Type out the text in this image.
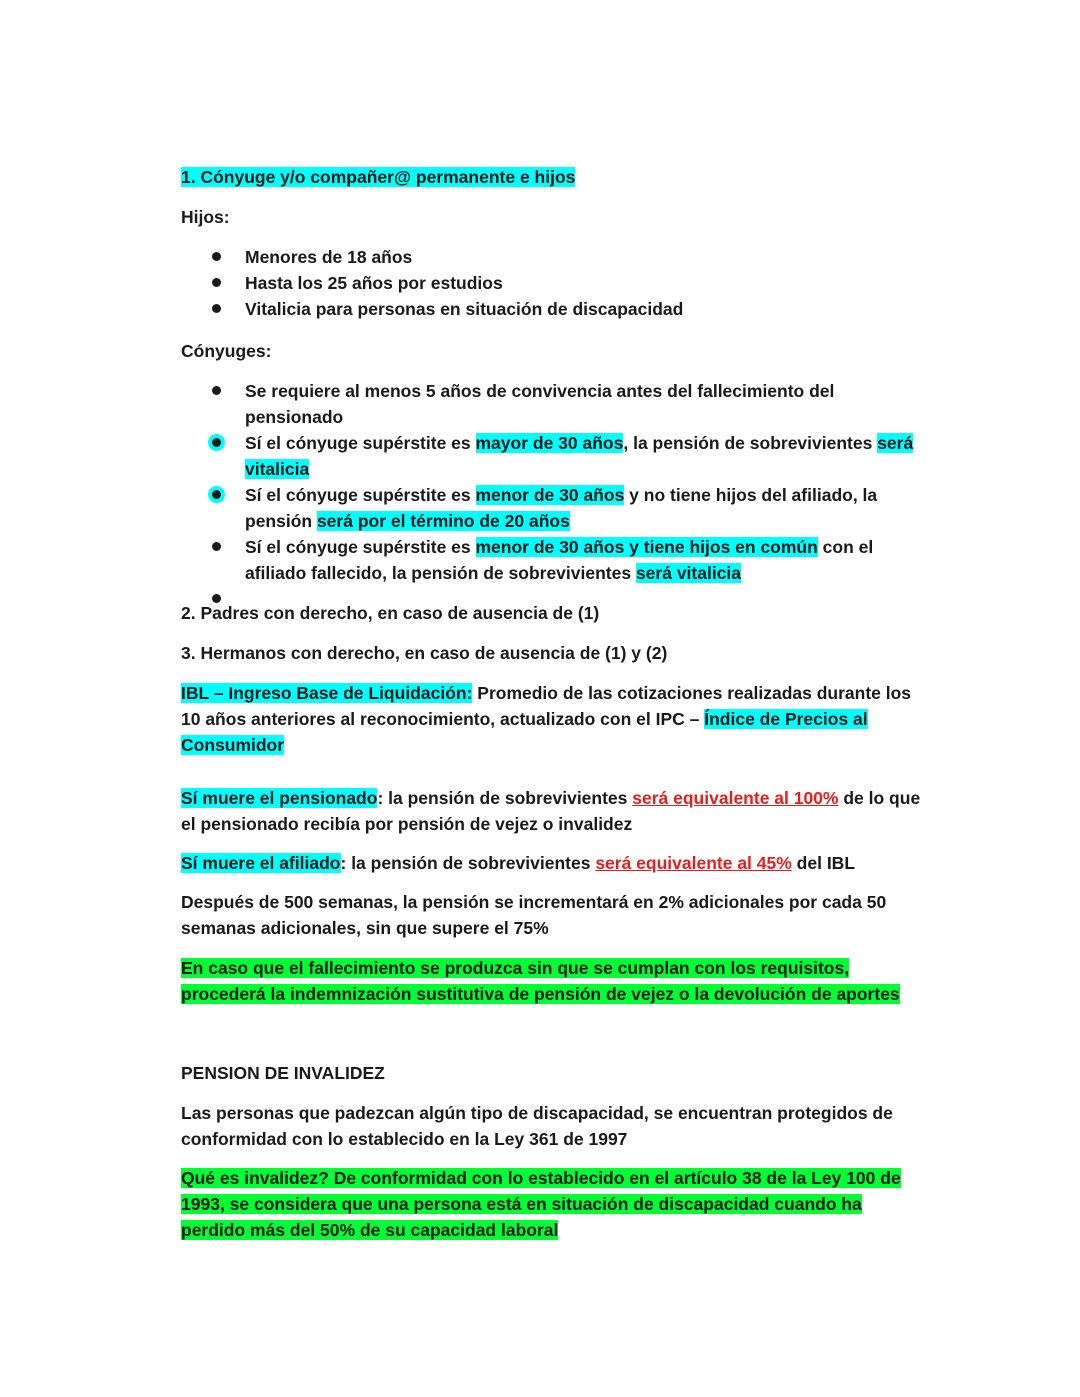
1. Cónyuge y/o compañer@ permanente e hijos

Hijos:

Menores de 18 años
Hasta los 25 años por estudios
Vitalicia para personas en situación de discapacidad

Cónyuges:

Se requiere al menos 5 años de convivencia antes del fallecimiento del pensionado
Sí el cónyuge supérstite es mayor de 30 años, la pensión de sobrevivientes será vitalicia
Sí el cónyuge supérstite es menor de 30 años y no tiene hijos del afiliado, la pensión será por el término de 20 años
Sí el cónyuge supérstite es menor de 30 años y tiene hijos en común con el afiliado fallecido, la pensión de sobrevivientes será vitalicia

2. Padres con derecho, en caso de ausencia de (1)

3. Hermanos con derecho, en caso de ausencia de (1) y (2)

IBL – Ingreso Base de Liquidación: Promedio de las cotizaciones realizadas durante los 10 años anteriores al reconocimiento, actualizado con el IPC – Índice de Precios al Consumidor

Sí muere el pensionado: la pensión de sobrevivientes será equivalente al 100% de lo que el pensionado recibía por pensión de vejez o invalidez

Sí muere el afiliado: la pensión de sobrevivientes será equivalente al 45% del IBL

Después de 500 semanas, la pensión se incrementará en 2% adicionales por cada 50 semanas adicionales, sin que supere el 75%

En caso que el fallecimiento se produzca sin que se cumplan con los requisitos, procederá la indemnización sustitutiva de pensión de vejez o la devolución de aportes

PENSION DE INVALIDEZ

Las personas que padezcan algún tipo de discapacidad, se encuentran protegidos de conformidad con lo establecido en la Ley 361 de 1997

Qué es invalidez? De conformidad con lo establecido en el artículo 38 de la Ley 100 de 1993, se considera que una persona está en situación de discapacidad cuando ha perdido más del 50% de su capacidad laboral
